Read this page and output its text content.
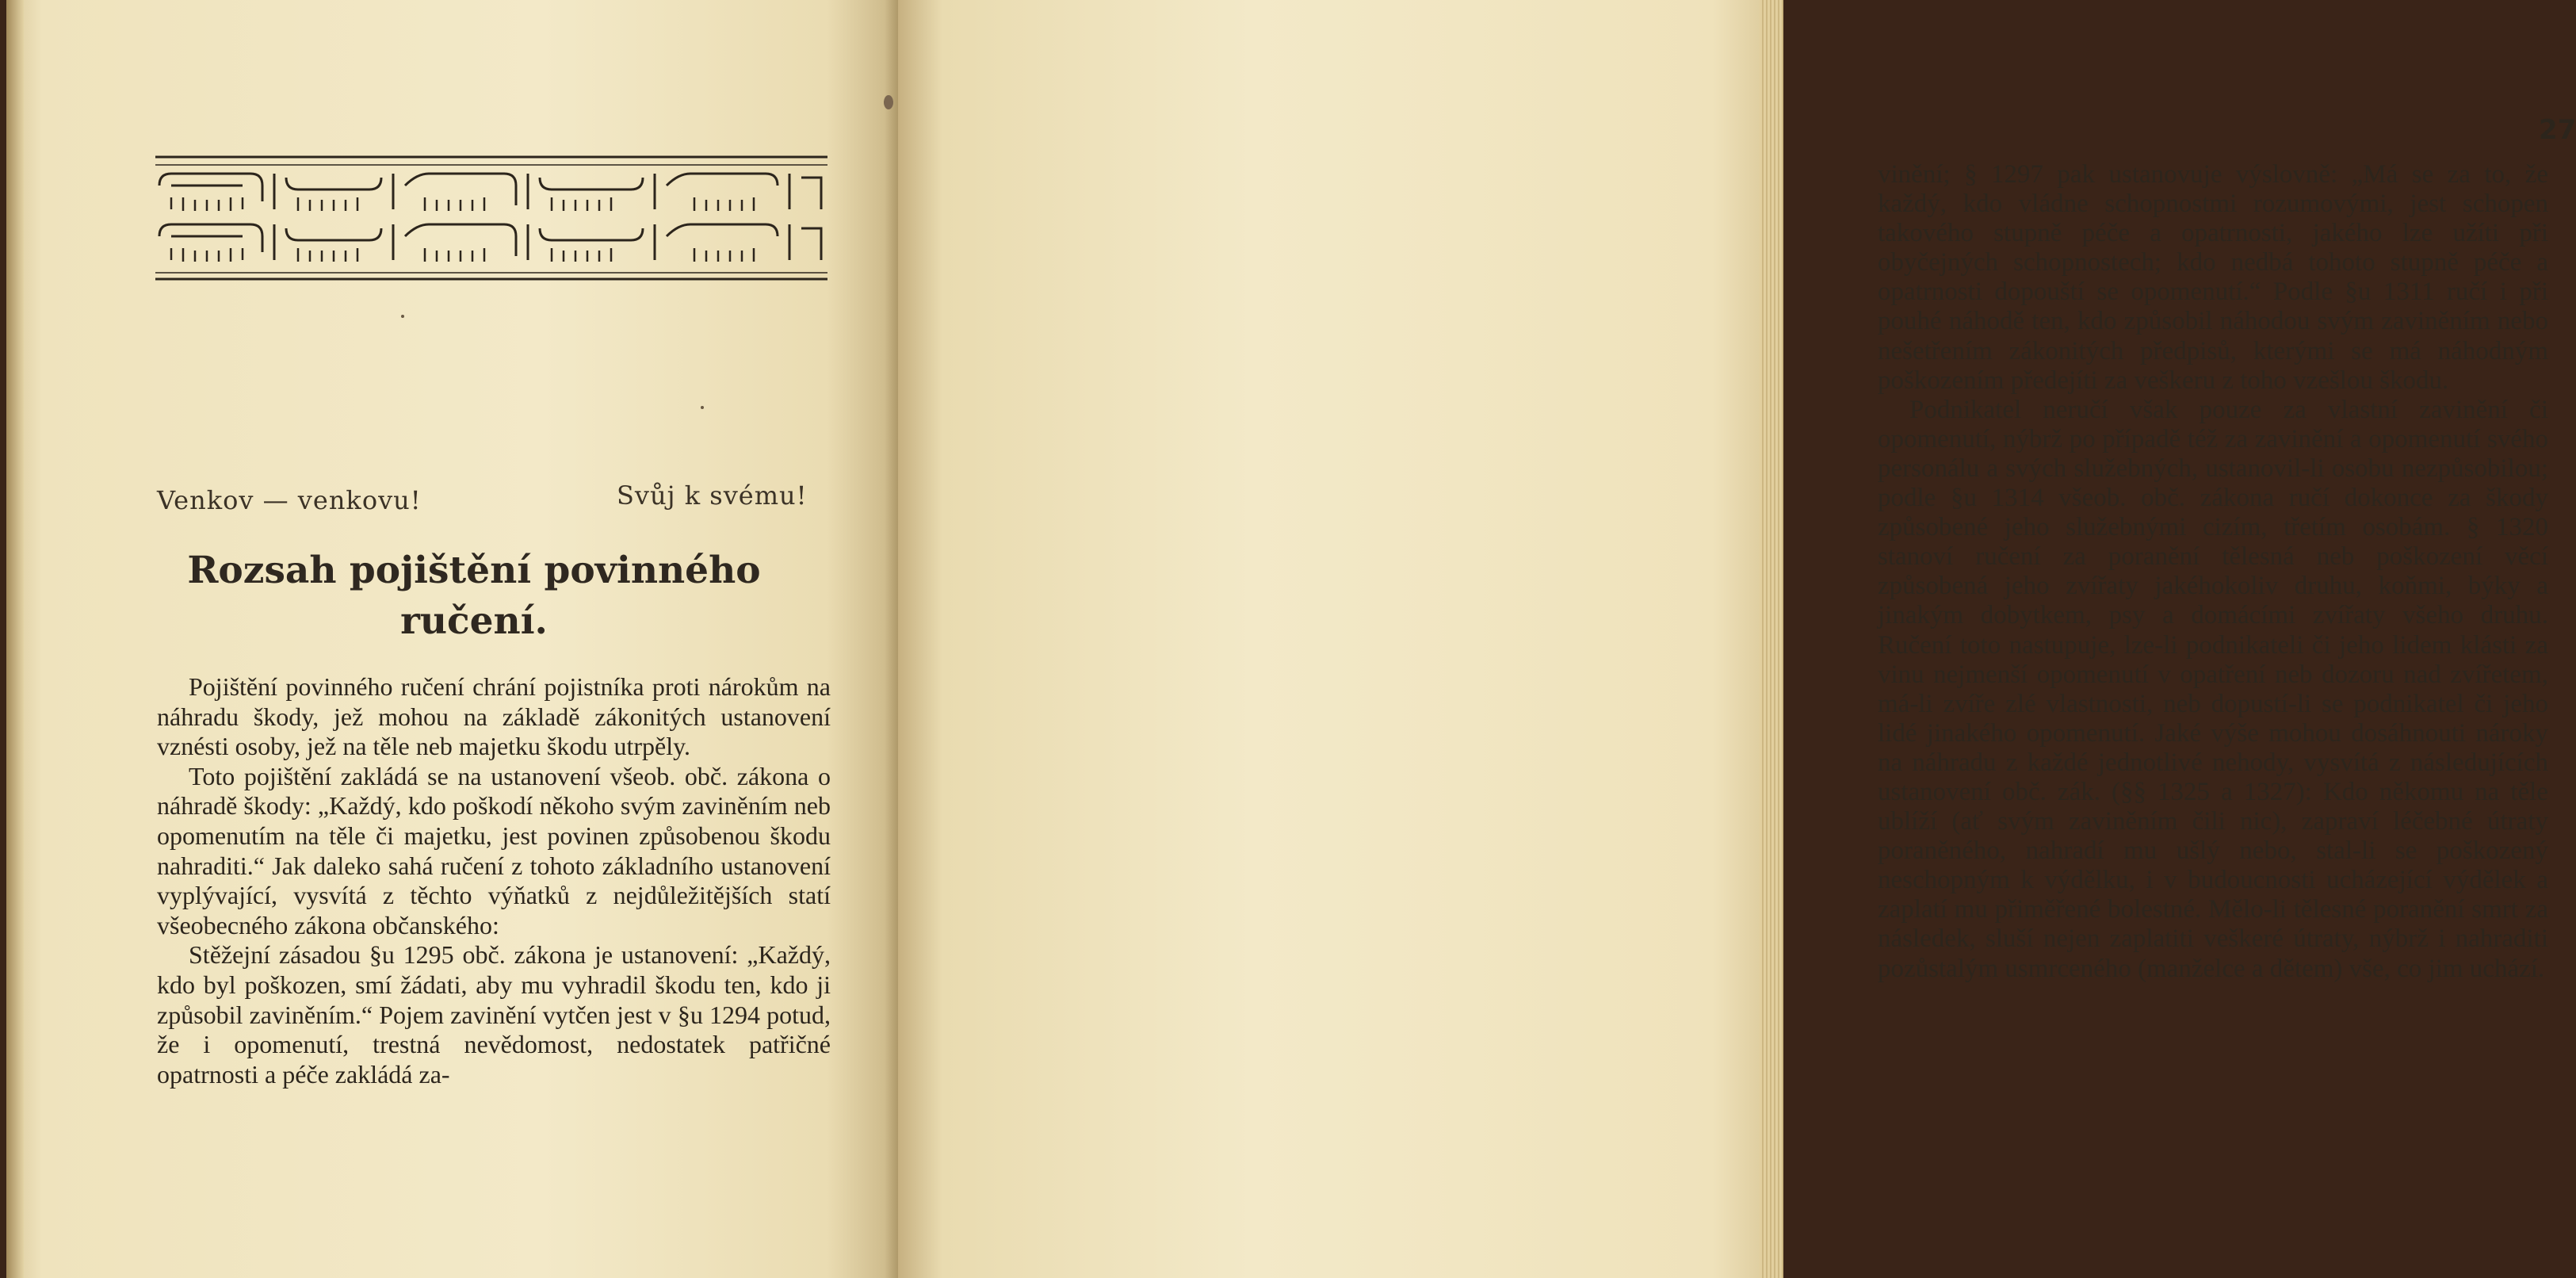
Venkov — venkovu!	Svůj k svému!
Rozsah pojištění povinného ručení.

Pojištění povinného ručení chrání pojistníka proti nárokům na náhradu škody, jež mohou na základě zákonitých ustanovení vznésti osoby, jež na těle neb majetku škodu utrpěly.

Toto pojištění zakládá se na ustanovení všeob. obč. zákona o náhradě škody: „Každý, kdo poškodí někoho svým zaviněním neb opomenutím na těle či majetku, jest povinen způsobenou škodu nahraditi.“ Jak daleko sahá ručení z tohoto základního ustanovení vyplývající, vysvítá z těchto výňatků z nejdůležitějších statí všeobecného zákona občanského:

Stěžejní zásadou §u 1295 obč. zákona je ustanovení: „Každý, kdo byl poškozen, smí žádati, aby mu vyhradil škodu ten, kdo ji způsobil zaviněním.“ Pojem zavinění vytčen jest v §u 1294 potud, že i opomenutí, trestná nevědomost, nedostatek patřičné opatrnosti a péče zakládá za-

27

vinění; § 1297 pak ustanovuje výslovně: „Má se za to, že každý, kdo vládne schopnostmi rozumovými, jest schopen takového stupně péče a opatrnosti, jakého lze užíti při obyčejných schopnostech; kdo nedbá tohoto stupně péče a opatrnosti dopouští se opomenutí.“ Podle §u 1311 ručí i při pouhé náhodě ten, kdo způsobil náhodou svým zaviněním nebo nešetřením zákonitých předpisů, kterými se má náhodným poškozením předejíti za veškeru z toho vzešlou škodu.

Podnikatel neručí však pouze za vlastní zavinění či opomenutí, nýbrž po případě též za zavinění a opomenutí svého personálu a svých služebných, ustanovil-li osobu nezpůsobilou; podle §u 1314 všeob. obč. zákona ručí dokonce za škody způsobené jeho služebnými cizím, třetím osobám. § 1320 stanoví ručení za poranění tělesná neb poškození věcí způsobená jeho zvířaty jakéhokoliv druhu, koňmi, býky a jinakým dobytkem, psy a domácími zvířaty všeho druhu. Ručení toto nastupuje, lze-li podnikateli či jeho lidem klásti za vinu nejmenší opomenutí v opatření neb dozoru nad zvířetem, má-li zvíře zlé vlastnosti, neb dopustí-li se podnikatel či jeho lidé jinakého opomenutí. Jaké výše mohou dosáhnouti nároky na náhradu z každé jednotlivé nehody, vysvítá z následujících ustanovení obč. zák. (§§ 1325 a 1327): Kdo někomu na těle ublíží (ať svým zaviněním čili nic), zapraví léčebné útraty poraněného, nahradí mu ušlý nebo, stal-li se poškozený neschopným k výdělku, i v budoucnosti ucházející výdělek a zaplatí mu přiměřené bolestné. Mělo-li tělesné poranění smrt za následek, sluší nejen zaplatiti veškeré útraty, nýbrž i nahraditi pozůstalým usmrceného (manželce a dětem) vše, co jim uchází.
